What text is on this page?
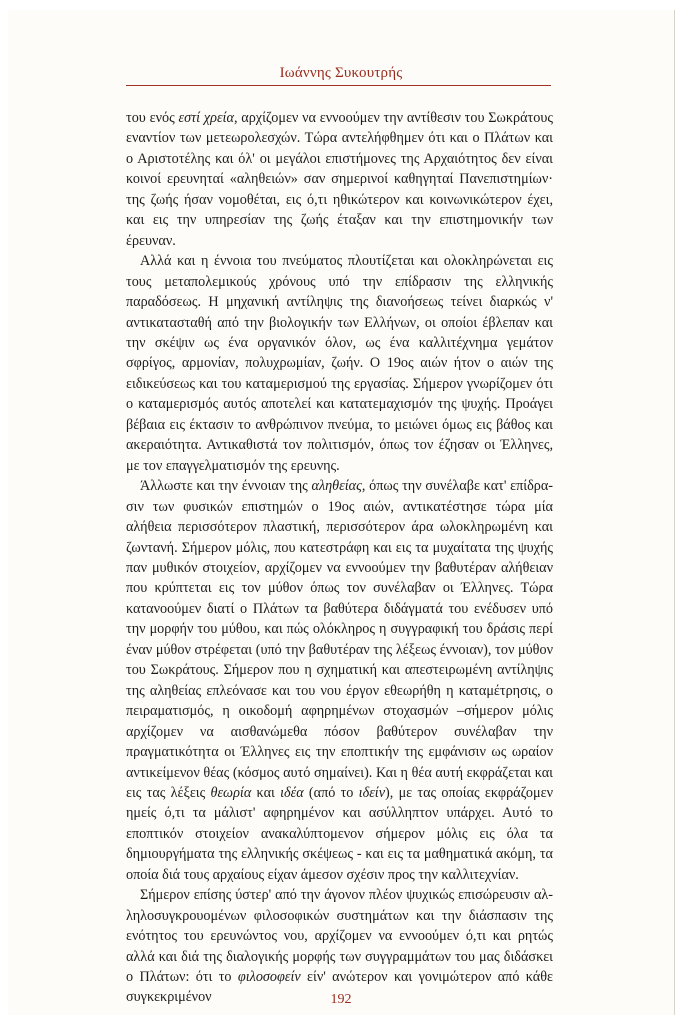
Ιωάννης Συκουτρής

του ενός εστί χρεία, αρχίζομεν να εννοούμεν την αντίθεσιν του Σωκράτους εναντίον των μετεωρολεσχών. Τώρα αντελήφθημεν ότι και ο Πλάτων και ο Αριστοτέλης και όλ' οι μεγάλοι επιστήμονες της Αρχαιότητος δεν είναι κοινοί ερευνηταί «αληθειών» σαν σημερινοί καθηγηταί Πανεπιστημίων· της ζωής ήσαν νομοθέται, εις ό,τι ηθικώτερον και κοινωνικώτερον έχει, και εις την υπηρεσίαν της ζωής έταξαν και την επιστημονικήν των έρευναν.

Αλλά και η έννοια του πνεύματος πλουτίζεται και ολοκληρώνεται εις τους μεταπολεμικούς χρόνους υπό την επίδρασιν της ελληνικής παραδόσεως. Η μηχανική αντίληψις της διανοήσεως τείνει διαρκώς ν' αντικατασταθή από την βιολογικήν των Ελλήνων, οι οποίοι έβλεπαν και την σκέψιν ως ένα οργανικόν όλον, ως ένα καλλιτέχνημα γεμάτον σφρίγος, αρμονίαν, πολυχρωμίαν, ζωήν. Ο 19ος αιών ήτον ο αιών της ειδικεύσεως και του καταμερισμού της εργασίας. Σήμερον γνωρίζομεν ότι ο καταμερισμός αυτός αποτελεί και κατατεμαχισμόν της ψυχής. Προάγει βέβαια εις έκτασιν το ανθρώπινον πνεύμα, το μειώνει όμως εις βάθος και ακεραιότητα. Αντικαθιστά τον πολιτισμόν, όπως τον έζησαν οι Έλληνες, με τον επαγγελματισμόν της ερευνης.

Άλλωστε και την έννοιαν της αληθείας, όπως την συνέλαβε κατ' επίδρασιν των φυσικών επιστημών ο 19ος αιών, αντικατέστησε τώρα μία αλήθεια περισσότερον πλαστική, περισσότερον άρα ωλοκληρωμένη και ζωντανή. Σήμερον μόλις, που κατεστράφη και εις τα μυχαίτατα της ψυχής παν μυθικόν στοιχείον, αρχίζομεν να εννοούμεν την βαθυτέραν αλήθειαν που κρύπτεται εις τον μύθον όπως τον συνέλαβαν οι Έλληνες. Τώρα κατανοούμεν διατί ο Πλάτων τα βαθύτερα διδάγματά του ενέδυσεν υπό την μορφήν του μύθου, και πώς ολόκληρος η συγγραφική του δράσις περί έναν μύθον στρέφεται (υπό την βαθυτέραν της λέξεως έννοιαν), τον μύθον του Σωκράτους. Σήμερον που η σχηματική και απεστειρωμένη αντίληψις της αληθείας επλεόνασε και του νου έργον εθεωρήθη η καταμέτρησις, ο πειραματισμός, η οικοδομή αφηρημένων στοχασμών –σήμερον μόλις αρχίζομεν να αισθανώμεθα πόσον βαθύτερον συνέλαβαν την πραγματικότητα οι Έλληνες εις την εποπτικήν της εμφάνισιν ως ωραίον αντικείμενον θέας (κόσμος αυτό σημαίνει). Και η θέα αυτή εκφράζεται και εις τας λέξεις θεωρία και ιδέα (από το ιδείν), με τας οποίας εκφράζομεν ημείς ό,τι τα μάλιστ' αφηρημένον και ασύλληπτον υπάρχει. Αυτό το εποπτικόν στοιχείον ανακαλύπτομενον σήμερον μόλις εις όλα τα δημιουργήματα της ελληνικής σκέψεως - και εις τα μαθηματικά ακόμη, τα οποία διά τους αρχαίους είχαν άμεσον σχέσιν προς την καλλιτεχνίαν.

Σήμερον επίσης ύστερ' από την άγονον πλέον ψυχικώς επισώρευσιν αλληλοσυγκρουομένων φιλοσοφικών συστημάτων και την διάσπασιν της ενότητος του ερευνώντος νου, αρχίζομεν να εννοούμεν ό,τι και ρητώς αλλά και διά της διαλογικής μορφής των συγγραμμάτων του μας διδάσκει ο Πλάτων: ότι το φιλοσοφείν είν' ανώτερον και γονιμώτερον από κάθε συγκεκριμένον	192
